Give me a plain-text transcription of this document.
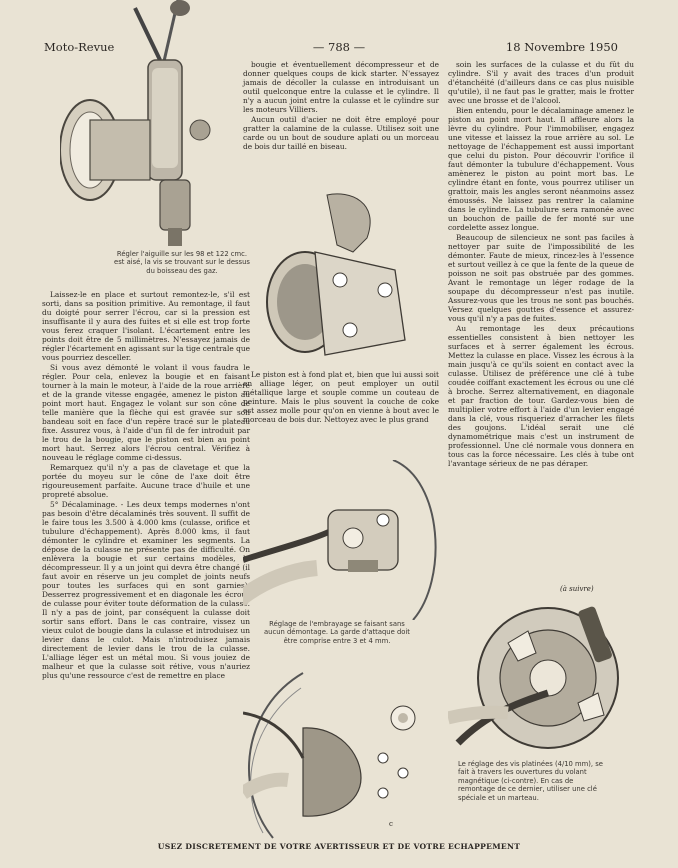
Moto-Revue	— 788 —	18 Novembre 1950
Régler l'aiguille sur les 98 et 122 cmc. est aisé, la vis se trouvant sur le dessus du boisseau des gaz.

Laissez-le en place et surtout remontez-le, s'il est sorti, dans sa position primitive. Au remontage, il faut du doigté pour serrer l'écrou, car si la pression est insuffisante il y aura des fuites et si elle est trop forte vous ferez craquer l'isolant. L'écartement entre les points doit être de 5 millimètres. N'essayez jamais de régler l'écartement en agissant sur la tige centrale que vous pourriez desceller.

Si vous avez démonté le volant il vous faudra le régler. Pour cela, enlevez la bougie et en faisant tourner à la main le moteur, à l'aide de la roue arrière et de la grande vitesse engagée, amenez le piston au point mort haut. Engagez le volant sur son cône de telle manière que la flèche qui est gravée sur son bandeau soit en face d'un repère tracé sur le plateau fixe. Assurez vous, à l'aide d'un fil de fer introduit par le trou de la bougie, que le piston est bien au point mort haut. Serrez alors l'écrou central. Vérifiez à nouveau le réglage comme ci-dessus.

Remarquez qu'il n'y a pas de clavetage et que la portée du moyeu sur le cône de l'axe doit être rigoureusement parfaite. Aucune trace d'huile et une propreté absolue.

5° Décalaminage. - Les deux temps modernes n'ont pas besoin d'être décalaminés très souvent. Il suffit de le faire tous les 3.500 à 4.000 kms (culasse, orifice et tubulure d'échappement). Après 8.000 kms, il faut démonter le cylindre et examiner les segments. La dépose de la culasse ne présente pas de difficulté. On enlèvera la bougie et sur certains modèles, le décompresseur. Il y a un joint qui devra être changé (il faut avoir en réserve un jeu complet de joints neufs pour toutes les surfaces qui en sont garnies). Desserrez progressivement et en diagonale les écrous de culasse pour éviter toute déformation de la culasse. Il n'y a pas de joint, par conséquent la culasse doit sortir sans effort. Dans le cas contraire, vissez un vieux culot de bougie dans la culasse et introduisez un levier dans le culot. Mais n'introduisez jamais directement de levier dans le trou de la culasse. L'alliage léger est un métal mou. Si vous jouiez de malheur et que la culasse soit rétive, vous n'auriez plus qu'une ressource c'est de remettre en place

bougie et éventuellement décompresseur et de donner quelques coups de kick starter. N'essayez jamais de décoller la culasse en introduisant un outil quelconque entre la culasse et le cylindre. Il n'y a aucun joint entre la culasse et le cylindre sur les moteurs Villiers.

Aucun outil d'acier ne doit être employé pour gratter la calamine de la culasse. Utilisez soit une carde ou un bout de soudure aplati ou un morceau de bois dur taillé en biseau.

Le piston est à fond plat et, bien que lui aussi soit en alliage léger, on peut employer un outil métallique large et souple comme un couteau de peinture. Mais le plus souvent la couche de coke est assez molle pour qu'on en vienne à bout avec le morceau de bois dur. Nettoyez avec le plus grand

Réglage de l'embrayage se faisant sans aucun démontage. La garde d'attaque doit être comprise entre 3 et 4 mm.
c

soin les surfaces de la culasse et du fût du cylindre. S'il y avait des traces d'un produit d'étanchéité (d'ailleurs dans ce cas plus nuisible qu'utile), il ne faut pas le gratter, mais le frotter avec une brosse et de l'alcool.

Bien entendu, pour le décalaminage amenez le piston au point mort haut. Il affleure alors la lèvre du cylindre. Pour l'immobiliser, engagez une vitesse et laissez la roue arrière au sol. Le nettoyage de l'échappement est aussi important que celui du piston. Pour découvrir l'orifice il faut démonter la tubulure d'échappement. Vous amènerez le piston au point mort bas. Le cylindre étant en fonte, vous pourrez utiliser un grattoir, mais les angles seront néanmoins assez émoussés. Ne laissez pas rentrer la calamine dans le cylindre. La tubulure sera ramonée avec un bouchon de paille de fer monté sur une cordelette assez longue.

Beaucoup de silencieux ne sont pas faciles à nettoyer par suite de l'impossibilité de les démonter. Faute de mieux, rincez-les à l'essence et surtout veillez à ce que la fente de la queue de poisson ne soit pas obstruée par des gommes. Avant le remontage un léger rodage de la soupape du décompresseur n'est pas inutile. Assurez-vous que les trous ne sont pas bouchés. Versez quelques gouttes d'essence et assurez-vous qu'il n'y a pas de fuites.

Au remontage les deux précautions essentielles consistent à bien nettoyer les surfaces et à serrer également les écrous. Mettez la culasse en place. Vissez les écrous à la main jusqu'à ce qu'ils soient en contact avec la culasse. Utilisez de préférence une clé à tube coudée coiffant exactement les écrous ou une clé à broche. Serrez alternativement, en diagonale et par fraction de tour. Gardez-vous bien de multiplier votre effort à l'aide d'un levier engagé dans la clé, vous risqueriez d'arracher les filets des goujons. L'idéal serait une clé dynamométrique mais c'est un instrument de professionnel. Une clé normale vous donnera en tous cas la force nécessaire. Les clés à tube ont l'avantage sérieux de ne pas déraper.

(à suivre)
Le réglage des vis platinées (4/10 mm), se fait à travers les ouvertures du volant magnétique (ci-contre). En cas de remontage de ce dernier, utiliser une clé spéciale et un marteau.
USEZ DISCRETEMENT DE VOTRE AVERTISSEUR ET DE VOTRE ECHAPPEMENT
